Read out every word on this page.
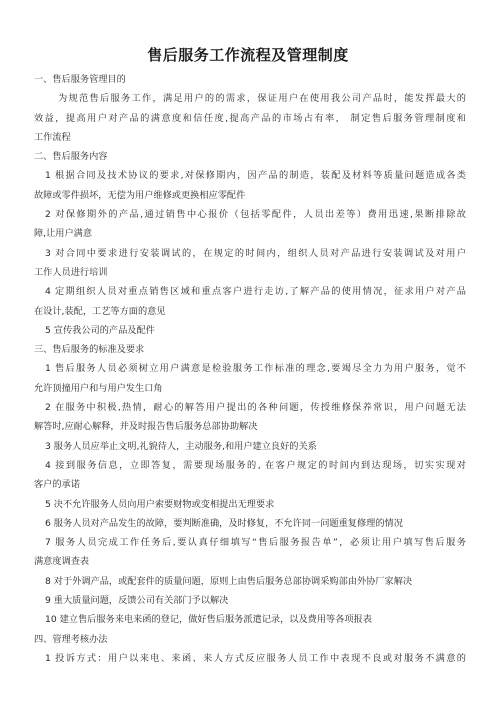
售后服务工作流程及管理制度
一、售后服务管理目的
为规范售后服务工作，满足用户的的需求，保证用户在使用我公司产品时，能发挥最大的
效益，提高用户对产品的满意度和信任度,提高产品的市场占有率， 制定售后服务管理制度和
工作流程
二、售后服务内容
1 根据合同及技术协议的要求,对保修期内，因产品的制造，装配及材料等质量问题造成各类
故障或零件损坏，无偿为用户维修或更换相应零配件
2 对保修期外的产品,通过销售中心报价（包括零配件，人员出差等）费用迅速,果断排除故
障,让用户满意
3 对合同中要求进行安装调试的，在规定的时间内，组织人员对产品进行安装调试及对用户
工作人员进行培训
4 定期组织人员对重点销售区域和重点客户进行走访,了解产品的使用情况，征求用户对产品
在设计,装配，工艺等方面的意见
5 宣传我公司的产品及配件
三、售后服务的标准及要求
1 售后服务人员必须树立用户满意是检验服务工作标准的理念,要竭尽全力为用户服务，觉不
允许顶撞用户和与用户发生口角
2 在服务中积极,热情，耐心的解答用户提出的各种问题，传授维修保养常识，用户问题无法
解答时,应耐心解释，并及时报告售后服务总部协助解决
3 服务人员应举止文明,礼貌待人，主动服务,和用户建立良好的关系
4 接到服务信息，立即答复，需要现场服务的, 在客户规定的时间内到达现场，切实实现对
客户的承诺
5 决不允许服务人员向用户索要财物或变相提出无理要求
6 服务人员对产品发生的故障，要判断准确，及时修复，不允许同一问题重复修理的情况
7 服务人员完成工作任务后,要认真仔细填写“售后服务报告单”，必须让用户填写售后服务
满意度调查表
8 对于外调产品，或配套件的质量问题，原则上由售后服务总部协调采购部由外协厂家解决
9 重大质量问题，反馈公司有关部门予以解决
10 建立售后服务来电来函的登记，做好售后服务派遣记录，以及费用等各项报表
四、管理考核办法
1 投诉方式：用户以来电、来函、来人方式反应服务人员工作中表现不良或对服务不满意的
